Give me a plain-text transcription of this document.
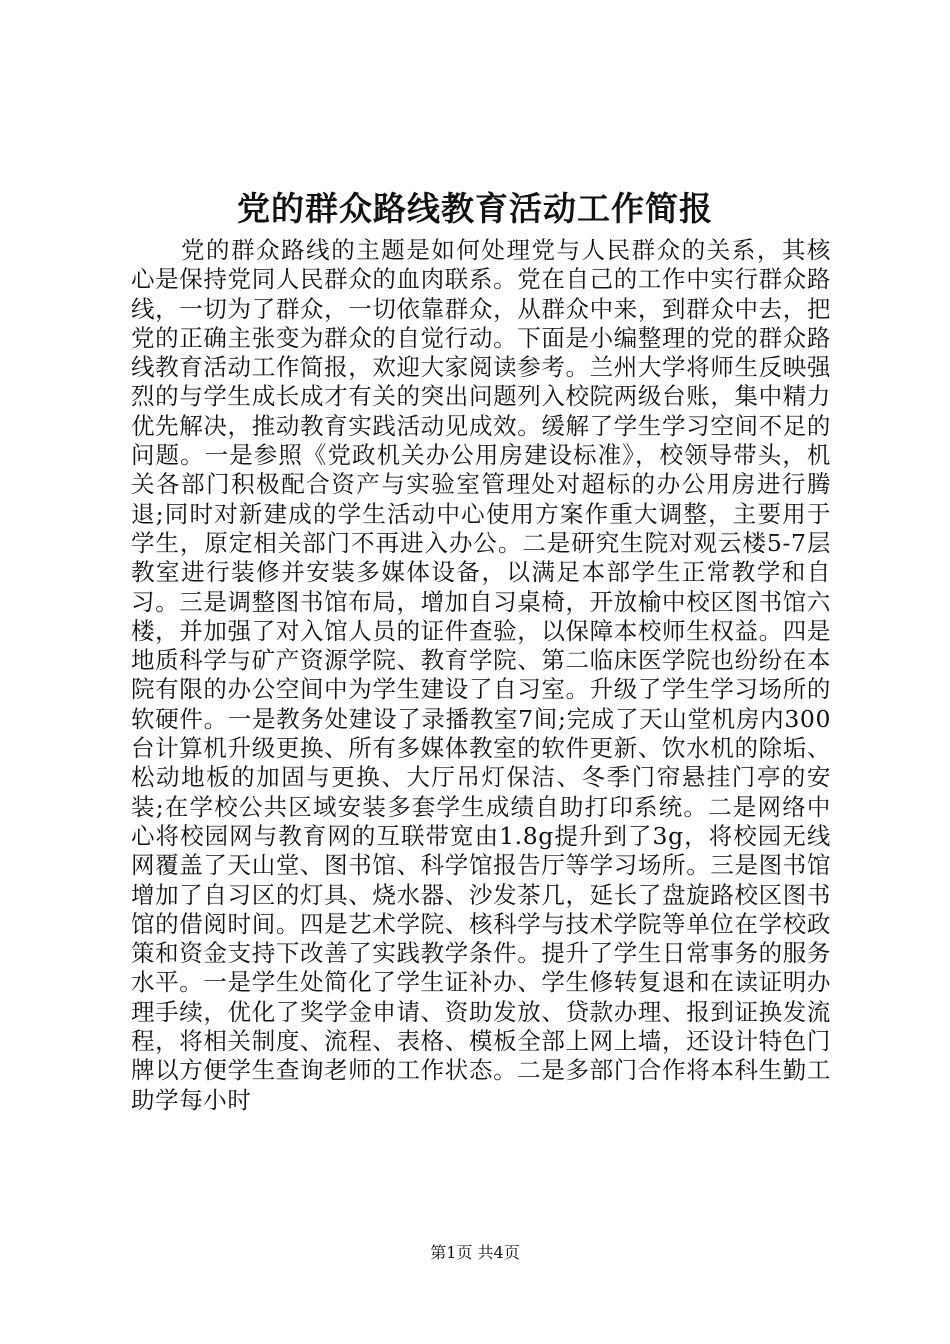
党的群众路线教育活动工作简报

党的群众路线的主题是如何处理党与人民群众的关系，其核心是保持党同人民群众的血肉联系。党在自己的工作中实行群众路线，一切为了群众，一切依靠群众，从群众中来，到群众中去，把党的正确主张变为群众的自觉行动。下面是小编整理的党的群众路线教育活动工作简报，欢迎大家阅读参考。兰州大学将师生反映强烈的与学生成长成才有关的突出问题列入校院两级台账，集中精力优先解决，推动教育实践活动见成效。缓解了学生学习空间不足的问题。一是参照《党政机关办公用房建设标准》，校领导带头，机关各部门积极配合资产与实验室管理处对超标的办公用房进行腾退;同时对新建成的学生活动中心使用方案作重大调整，主要用于学生，原定相关部门不再进入办公。二是研究生院对观云楼5-7层教室进行装修并安装多媒体设备，以满足本部学生正常教学和自习。三是调整图书馆布局，增加自习桌椅，开放榆中校区图书馆六楼，并加强了对入馆人员的证件查验，以保障本校师生权益。四是地质科学与矿产资源学院、教育学院、第二临床医学院也纷纷在本院有限的办公空间中为学生建设了自习室。升级了学生学习场所的软硬件。一是教务处建设了录播教室7间;完成了天山堂机房内300台计算机升级更换、所有多媒体教室的软件更新、饮水机的除垢、松动地板的加固与更换、大厅吊灯保洁、冬季门帘悬挂门亭的安装;在学校公共区域安装多套学生成绩自助打印系统。二是网络中心将校园网与教育网的互联带宽由1.8g提升到了3g，将校园无线网覆盖了天山堂、图书馆、科学馆报告厅等学习场所。三是图书馆增加了自习区的灯具、烧水器、沙发茶几，延长了盘旋路校区图书馆的借阅时间。四是艺术学院、核科学与技术学院等单位在学校政策和资金支持下改善了实践教学条件。提升了学生日常事务的服务水平。一是学生处简化了学生证补办、学生修转复退和在读证明办理手续，优化了奖学金申请、资助发放、贷款办理、报到证换发流程，将相关制度、流程、表格、模板全部上网上墙，还设计特色门牌以方便学生查询老师的工作状态。二是多部门合作将本科生勤工助学每小时

第1页 共4页
